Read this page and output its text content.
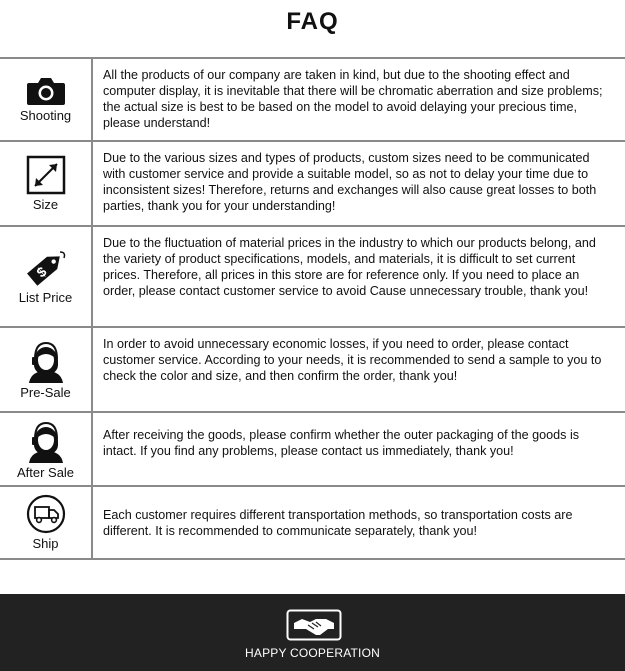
FAQ
Shooting
All the products of our company are taken in kind, but due to the shooting effect and computer display, it is inevitable that there will be chromatic aberration and size problems; the actual size is best to be based on the model to avoid delaying your precious time, please understand!
Size
Due to the various sizes and types of products, custom sizes need to be communicated with customer service and provide a suitable model, so as not to delay your time due to inconsistent sizes! Therefore, returns and exchanges will also cause great losses to both parties, thank you for your understanding!
$
List Price
Due to the fluctuation of material prices in the industry to which our products belong, and the variety of product specifications, models, and materials, it is difficult to set current prices. Therefore, all prices in this store are for reference only. If you need to place an order, please contact customer service to avoid Cause unnecessary trouble, thank you!
Pre-Sale
In order to avoid unnecessary economic losses, if you need to order, please contact customer service. According to your needs, it is recommended to send a sample to you to check the color and size, and then confirm the order, thank you!
After Sale
After receiving the goods, please confirm whether the outer packaging of the goods is intact. If you find any problems, please contact us immediately, thank you!
Ship
Each customer requires different transportation methods, so transportation costs are different. It is recommended to communicate separately, thank you!
HAPPY COOPERATION
